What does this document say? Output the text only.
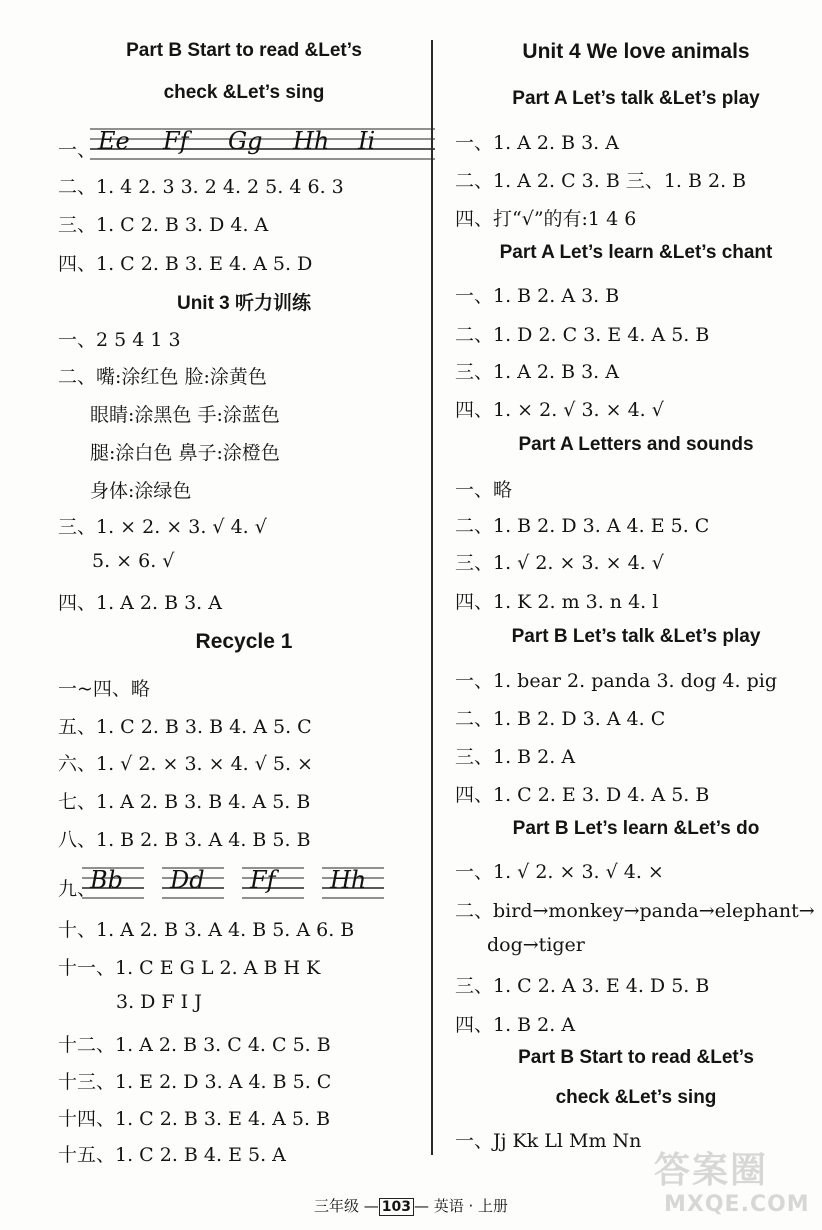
Part B Start to read &Let’s
check &Let’s sing
一、 Ee Ff Gg Hh Ii
二、1. 4 2. 3 3. 2 4. 2 5. 4 6. 3
三、1. C 2. B 3. D 4. A
四、1. C 2. B 3. E 4. A 5. D
Unit 3 听力训练
一、2 5 4 1 3
二、嘴:涂红色 脸:涂黄色
眼睛:涂黑色 手:涂蓝色
腿:涂白色 鼻子:涂橙色
身体:涂绿色
三、1. × 2. × 3. √ 4. √
5. × 6. √
四、1. A 2. B 3. A
Recycle 1
一~四、略
五、1. C 2. B 3. B 4. A 5. C
六、1. √ 2. × 3. × 4. √ 5. ×
七、1. A 2. B 3. B 4. A 5. B
八、1. B 2. B 3. A 4. B 5. B
九、
Bb Dd Ff Hh
十、1. A 2. B 3. A 4. B 5. A 6. B
十一、1. C E G L 2. A B H K
3. D F I J
十二、1. A 2. B 3. C 4. C 5. B
十三、1. E 2. D 3. A 4. B 5. C
十四、1. C 2. B 3. E 4. A 5. B
十五、1. C 2. B 4. E 5. A
Unit 4 We love animals
Part A Let’s talk &Let’s play
一、1. A 2. B 3. A
二、1. A 2. C 3. B 三、1. B 2. B
四、打“√”的有:1 4 6
Part A Let’s learn &Let’s chant
一、1. B 2. A 3. B
二、1. D 2. C 3. E 4. A 5. B
三、1. A 2. B 3. A
四、1. × 2. √ 3. × 4. √
Part A Letters and sounds
一、略
二、1. B 2. D 3. A 4. E 5. C
三、1. √ 2. × 3. × 4. √
四、1. K 2. m 3. n 4. l
Part B Let’s talk &Let’s play
一、1. bear 2. panda 3. dog 4. pig
二、1. B 2. D 3. A 4. C
三、1. B 2. A
四、1. C 2. E 3. D 4. A 5. B
Part B Let’s learn &Let’s do
一、1. √ 2. × 3. √ 4. ×
二、bird→monkey→panda→elephant→
dog→tiger
三、1. C 2. A 3. E 4. D 5. B
四、1. B 2. A
Part B Start to read &Let’s
check &Let’s sing
一、Jj Kk Ll Mm Nn
三年级 — 103 — 英语 · 上册
答案圈
MXQE.COM
